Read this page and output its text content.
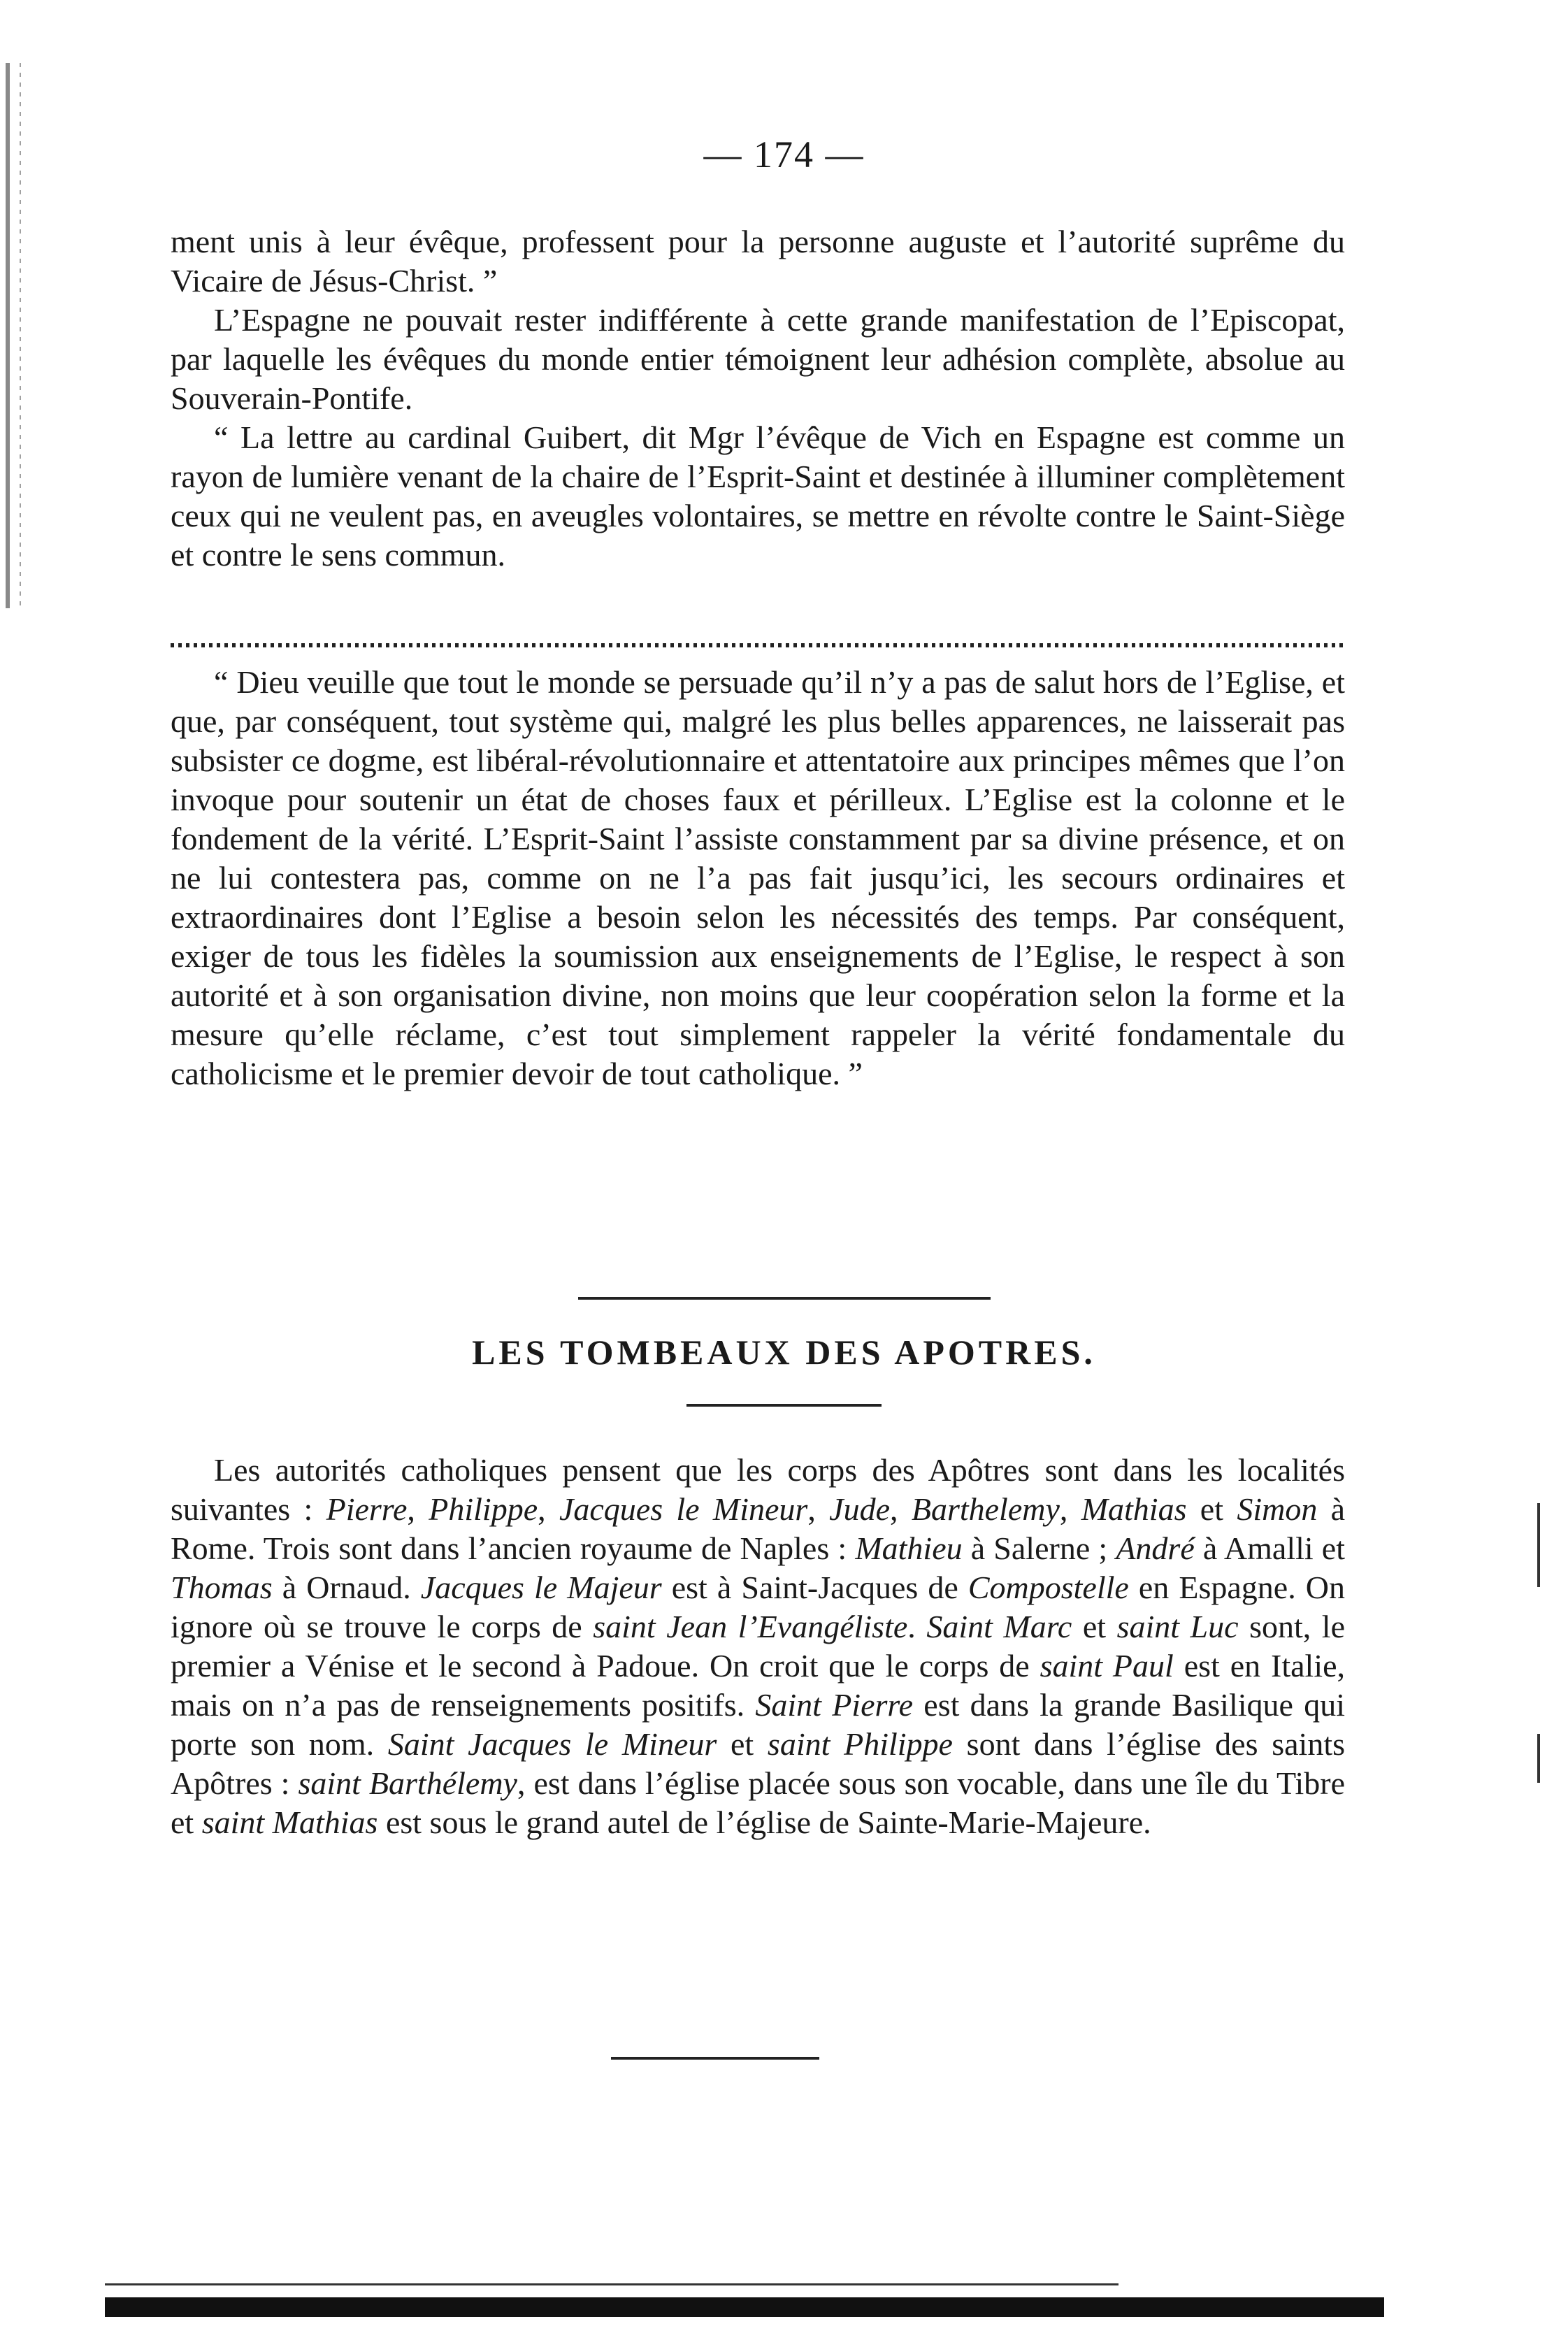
— 174 —

ment unis à leur évêque, professent pour la personne auguste et l’autorité suprême du Vicaire de Jésus-Christ. ”

L’Espagne ne pouvait rester indifférente à cette grande manifestation de l’Episcopat, par laquelle les évêques du monde entier témoignent leur adhésion complète, absolue au Souverain-Pontife.

“ La lettre au cardinal Guibert, dit Mgr l’évêque de Vich en Espagne est comme un rayon de lumière venant de la chaire de l’Esprit-Saint et destinée à illuminer complètement ceux qui ne veulent pas, en aveugles volontaires, se mettre en révolte contre le Saint-Siège et contre le sens commun.

“ Dieu veuille que tout le monde se persuade qu’il n’y a pas de salut hors de l’Eglise, et que, par conséquent, tout système qui, malgré les plus belles apparences, ne laisserait pas subsister ce dogme, est libéral-révolutionnaire et attentatoire aux principes mêmes que l’on invoque pour soutenir un état de choses faux et périlleux. L’Eglise est la colonne et le fondement de la vérité. L’Esprit-Saint l’assiste constamment par sa divine présence, et on ne lui contestera pas, comme on ne l’a pas fait jusqu’ici, les secours ordinaires et extraordinaires dont l’Eglise a besoin selon les nécessités des temps. Par conséquent, exiger de tous les fidèles la soumission aux enseignements de l’Eglise, le respect à son autorité et à son organisation divine, non moins que leur coopération selon la forme et la mesure qu’elle réclame, c’est tout simplement rappeler la vérité fondamentale du catholicisme et le premier devoir de tout catholique. ”

LES TOMBEAUX DES APOTRES.

Les autorités catholiques pensent que les corps des Apôtres sont dans les localités suivantes : Pierre, Philippe, Jacques le Mineur, Jude, Barthelemy, Mathias et Simon à Rome. Trois sont dans l’ancien royaume de Naples : Mathieu à Salerne ; André à Amalli et Thomas à Ornaud. Jacques le Majeur est à Saint-Jacques de Compostelle en Espagne. On ignore où se trouve le corps de saint Jean l’Evangéliste. Saint Marc et saint Luc sont, le premier a Vénise et le second à Padoue. On croit que le corps de saint Paul est en Italie, mais on n’a pas de renseignements positifs. Saint Pierre est dans la grande Basilique qui porte son nom. Saint Jacques le Mineur et saint Philippe sont dans l’église des saints Apôtres : saint Barthélemy, est dans l’église placée sous son vocable, dans une île du Tibre et saint Mathias est sous le grand autel de l’église de Sainte-Marie-Majeure.
